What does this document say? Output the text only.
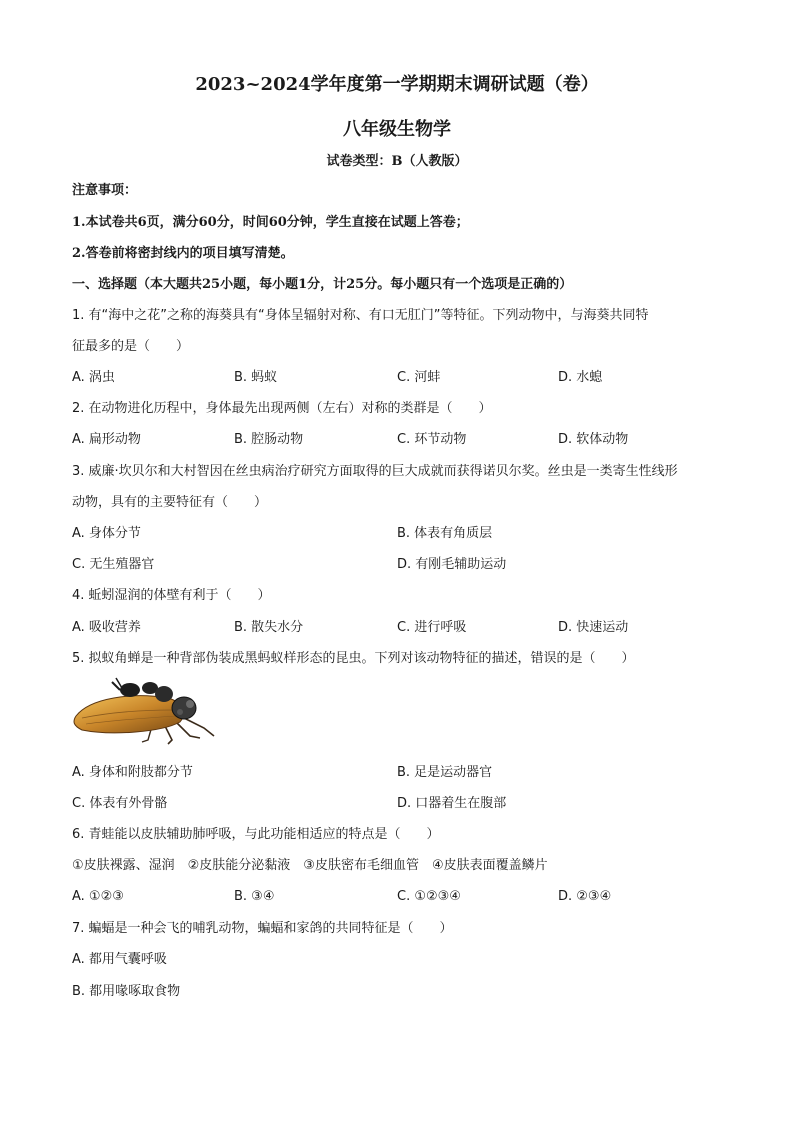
2023~2024学年度第一学期期末调研试题（卷）
八年级生物学
试卷类型：B（人教版）
注意事项：
1.本试卷共6页，满分60分，时间60分钟，学生直接在试题上答卷；
2.答卷前将密封线内的项目填写清楚。
一、选择题（本大题共25小题，每小题1分，计25分。每小题只有一个选项是正确的）
1. 有“海中之花”之称的海葵具有“身体呈辐射对称、有口无肛门”等特征。下列动物中，与海葵共同特
征最多的是（　　）
A. 涡虫	B. 蚂蚁	C. 河蚌	D. 水螅
2. 在动物进化历程中，身体最先出现两侧（左右）对称的类群是（　　）
A. 扁形动物	B. 腔肠动物	C. 环节动物	D. 软体动物
3. 威廉·坎贝尔和大村智因在丝虫病治疗研究方面取得的巨大成就而获得诺贝尔奖。丝虫是一类寄生性线形
动物，具有的主要特征有（　　）
A. 身体分节	B. 体表有角质层
C. 无生殖器官	D. 有刚毛辅助运动
4. 蚯蚓湿润的体壁有利于（　　）
A. 吸收营养	B. 散失水分	C. 进行呼吸	D. 快速运动
5. 拟蚁角蝉是一种背部伪装成黑蚂蚁样形态的昆虫。下列对该动物特征的描述，错误的是（　　）
A. 身体和附肢都分节	B. 足是运动器官
C. 体表有外骨骼	D. 口器着生在腹部
6. 青蛙能以皮肤辅助肺呼吸，与此功能相适应的特点是（　　）
①皮肤裸露、湿润　②皮肤能分泌黏液　③皮肤密布毛细血管　④皮肤表面覆盖鳞片
A. ①②③	B. ③④	C. ①②③④	D. ②③④
7. 蝙蝠是一种会飞的哺乳动物，蝙蝠和家鸽的共同特征是（　　）
A. 都用气囊呼吸
B. 都用喙啄取食物
